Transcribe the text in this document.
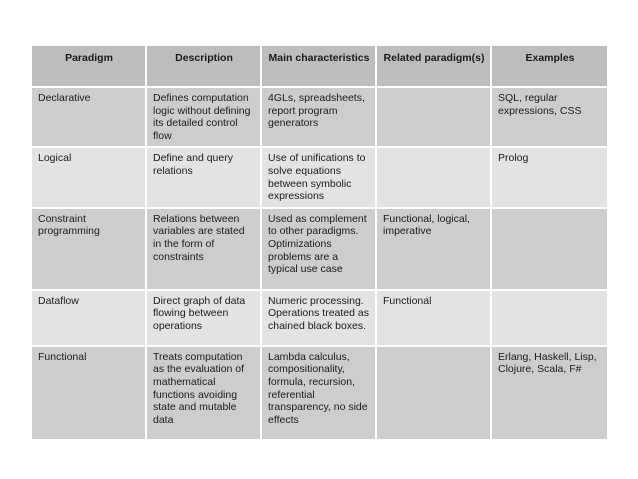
Paradigm	Description	Main characteristics	Related paradigm(s)	Examples
Declarative	Defines computation logic without defining its detailed control flow	4GLs, spreadsheets, report program generators		SQL, regular expressions, CSS
Logical	Define and query relations	Use of unifications to solve equations between symbolic expressions		Prolog
Constraint programming	Relations between variables are stated in the form of constraints	Used as complement to other paradigms. Optimizations problems are a typical use case	Functional, logical, imperative	
Dataflow	Direct graph of data flowing between operations	Numeric processing. Operations treated as chained black boxes.	Functional	
Functional	Treats computation as the evaluation of mathematical functions avoiding state and mutable data	Lambda calculus, compositionality, formula, recursion, referential transparency, no side effects		Erlang, Haskell, Lisp, Clojure, Scala, F#
